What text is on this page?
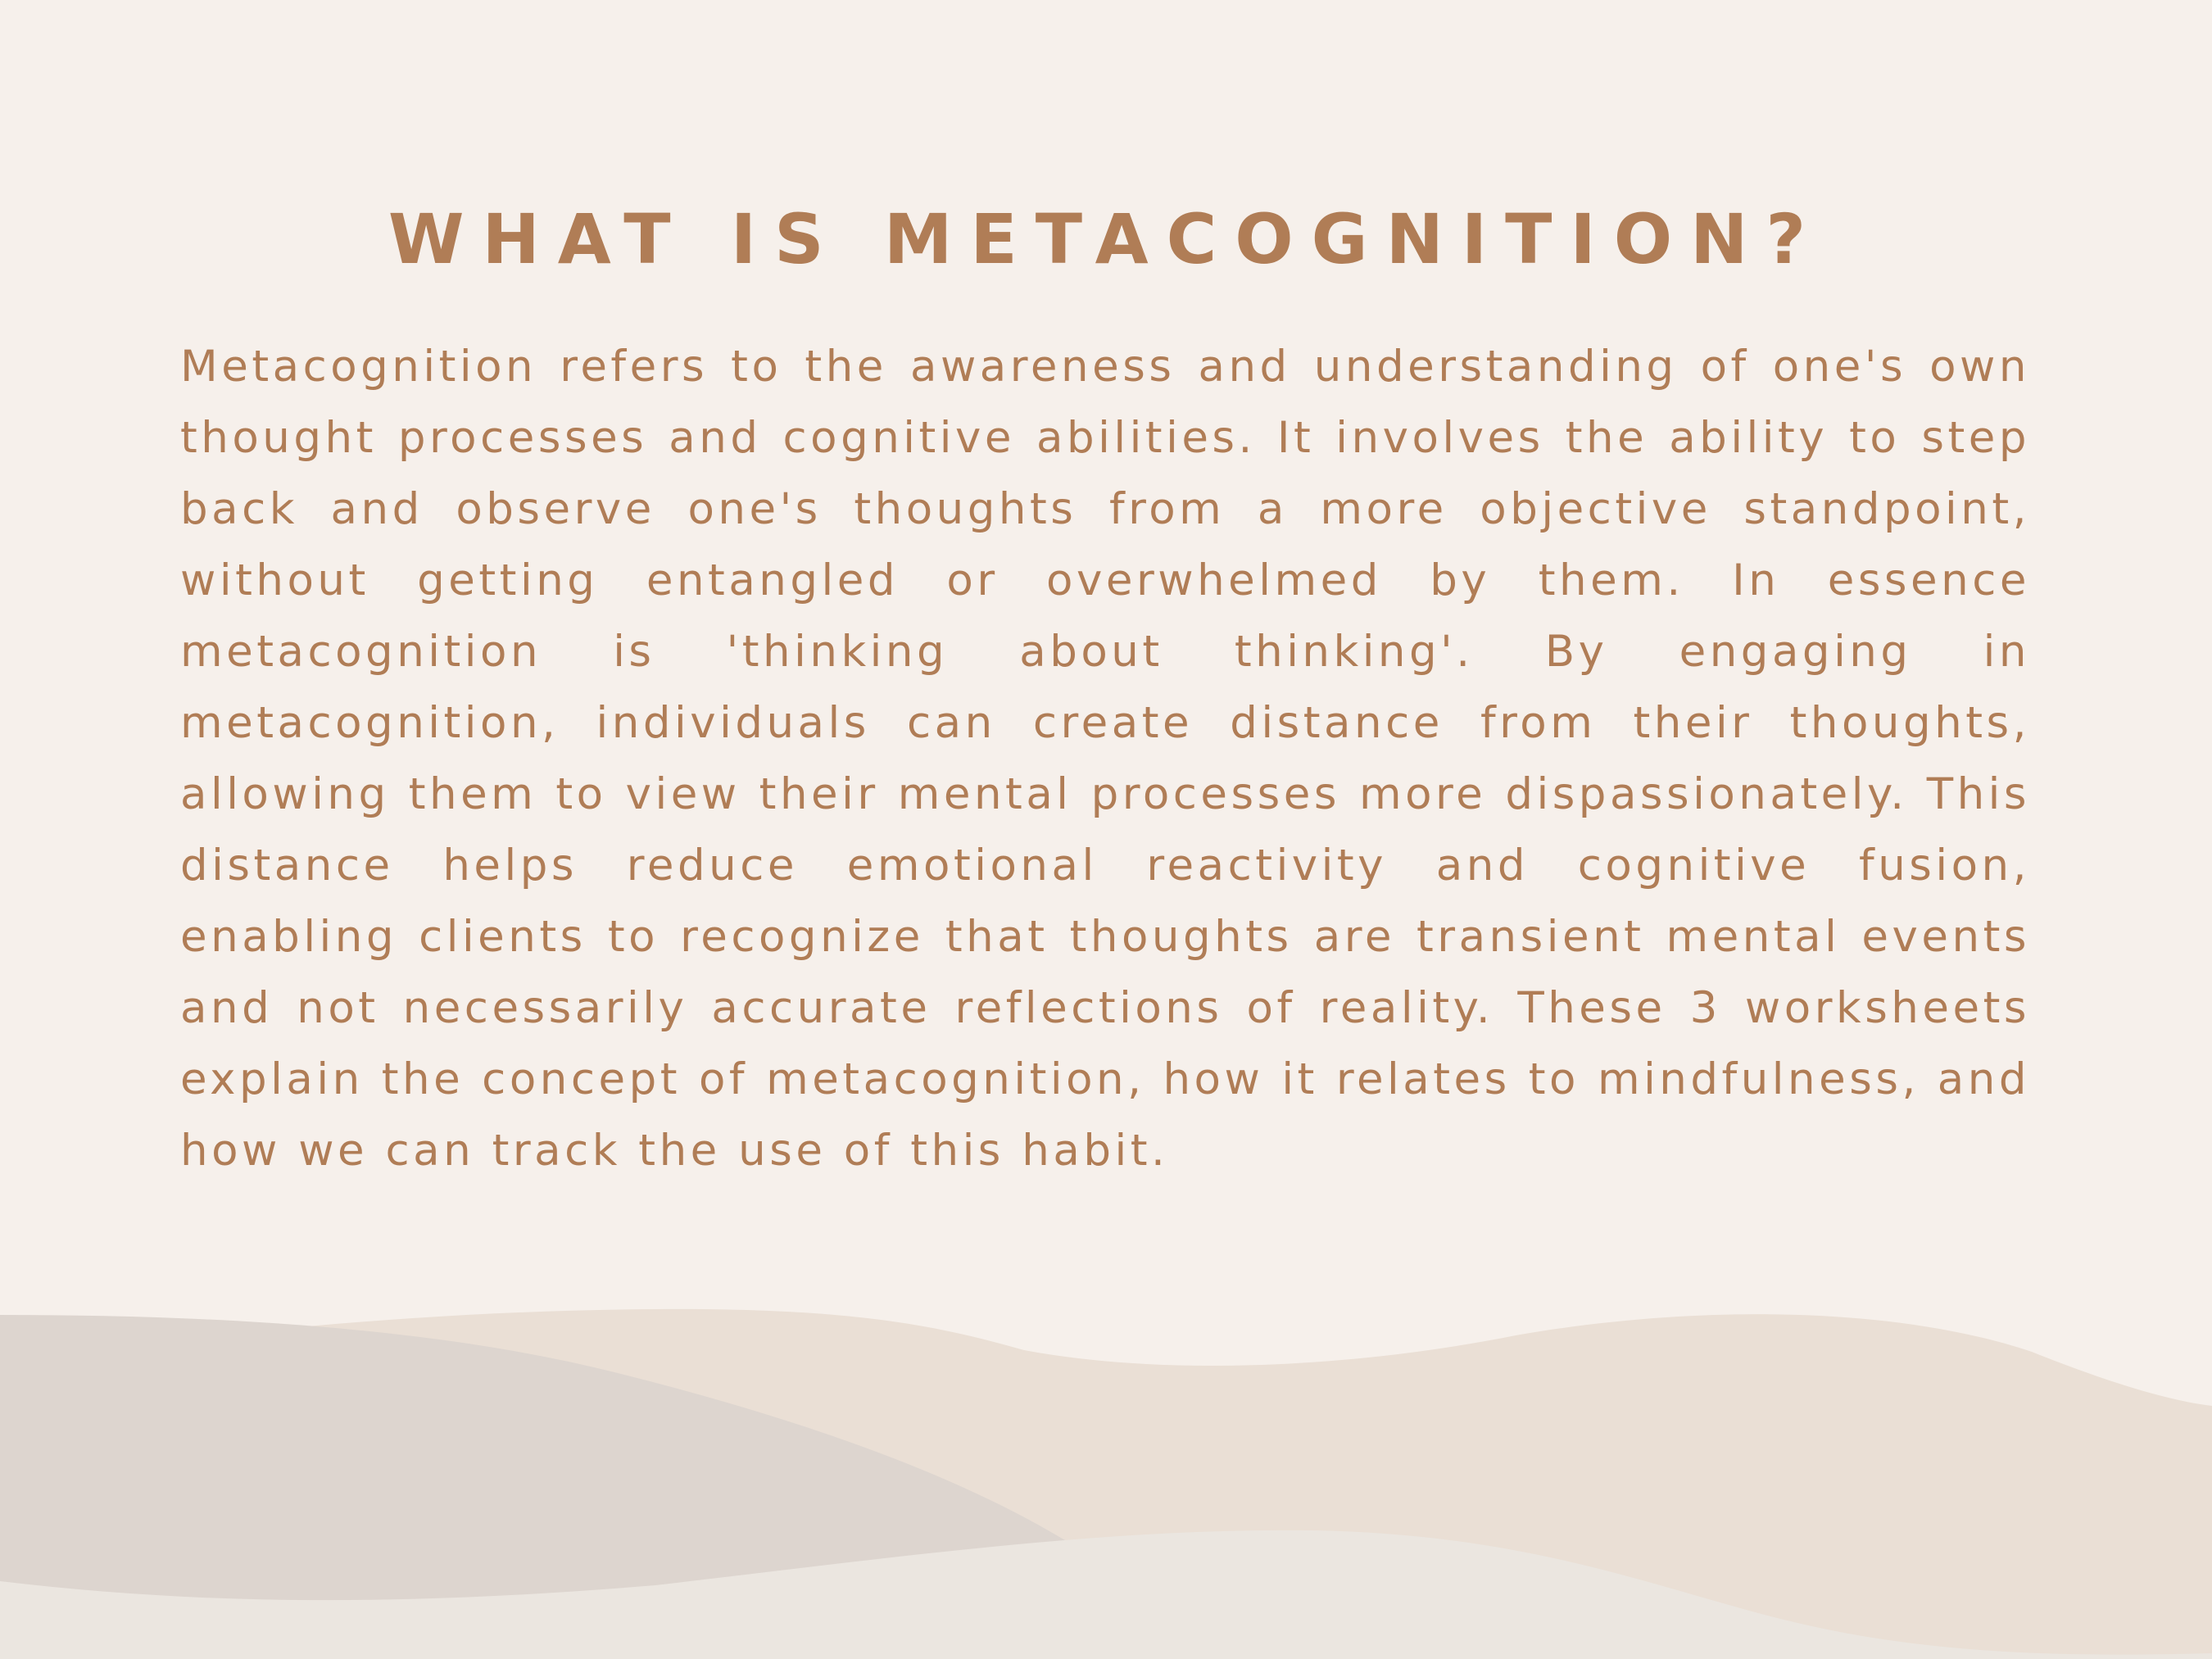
WHAT IS METACOGNITION?

Metacognition refers to the awareness and understanding of one's own thought processes and cognitive abilities. It involves the ability to step back and observe one's thoughts from a more objective standpoint, without getting entangled or overwhelmed by them. In essence metacognition is 'thinking about thinking'. By engaging in metacognition, individuals can create distance from their thoughts, allowing them to view their mental processes more dispassionately. This distance helps reduce emotional reactivity and cognitive fusion, enabling clients to recognize that thoughts are transient mental events and not necessarily accurate reflections of reality. These 3 worksheets explain the concept of metacognition, how it relates to mindfulness, and how we can track the use of this habit.
